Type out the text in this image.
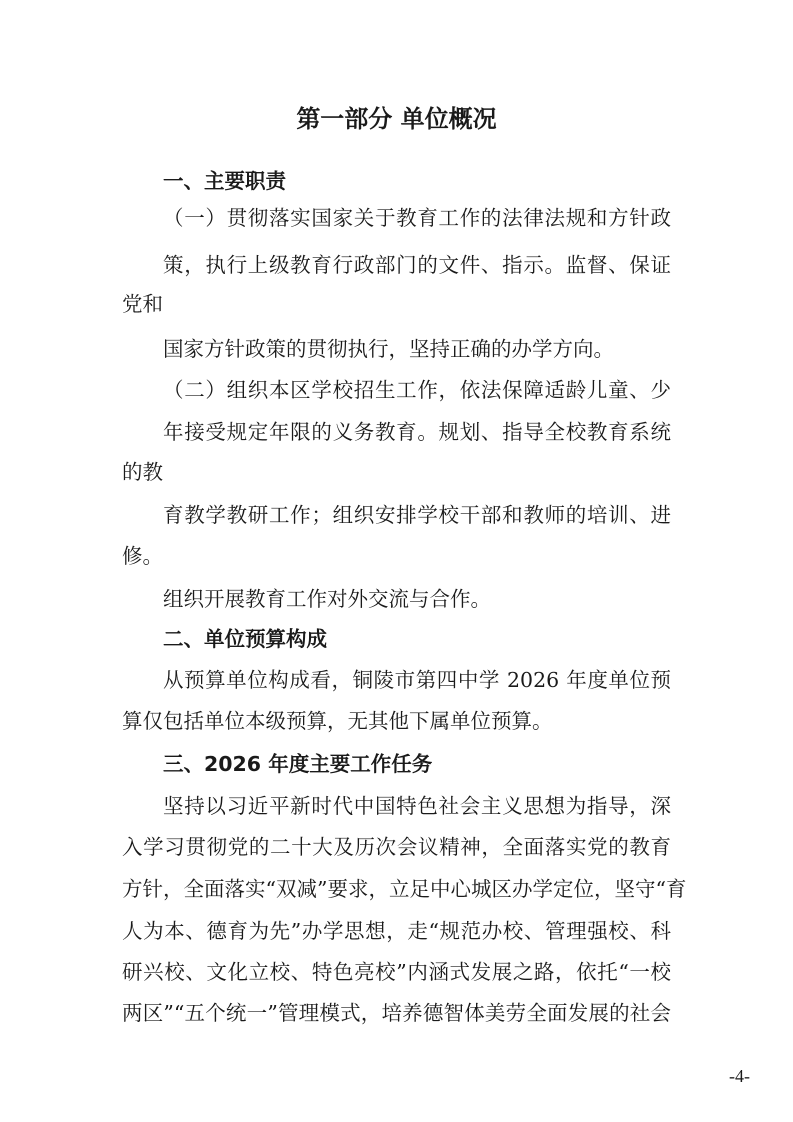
第一部分 单位概况
一、主要职责
（一）贯彻落实国家关于教育工作的法律法规和方针政
策，执行上级教育行政部门的文件、指示。监督、保证
党和
国家方针政策的贯彻执行，坚持正确的办学方向。
（二）组织本区学校招生工作，依法保障适龄儿童、少
年接受规定年限的义务教育。规划、指导全校教育系统
的教
育教学教研工作；组织安排学校干部和教师的培训、进
修。
组织开展教育工作对外交流与合作。
二、单位预算构成
从预算单位构成看，铜陵市第四中学 2026 年度单位预
算仅包括单位本级预算，无其他下属单位预算。
三、2026 年度主要工作任务
坚持以习近平新时代中国特色社会主义思想为指导，深
入学习贯彻党的二十大及历次会议精神，全面落实党的教育
方针，全面落实“双减”要求，立足中心城区办学定位，坚守“育
人为本、德育为先”办学思想，走“规范办校、管理强校、科
研兴校、文化立校、特色亮校”内涵式发展之路，依托“一校
两区”“五个统一”管理模式，培养德智体美劳全面发展的社会
-4-
